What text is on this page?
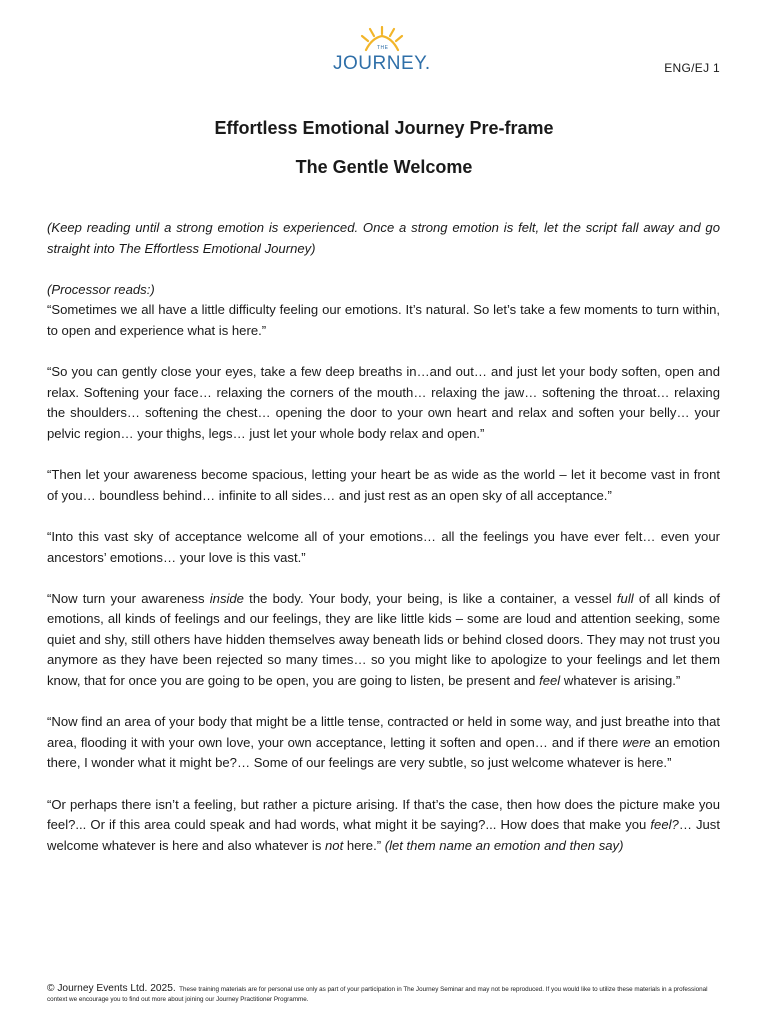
THE
JOURNEY.	ENG/EJ 1
Effortless Emotional Journey Pre-frame
The Gentle Welcome

(Keep reading until a strong emotion is experienced. Once a strong emotion is felt, let the script fall away and go straight into The Effortless Emotional Journey)

(Processor reads:)

“Sometimes we all have a little difficulty feeling our emotions. It’s natural. So let’s take a few moments to turn within, to open and experience what is here.”

“So you can gently close your eyes, take a few deep breaths in…and out… and just let your body soften, open and relax. Softening your face… relaxing the corners of the mouth… relaxing the jaw… softening the throat… relaxing the shoulders… softening the chest… opening the door to your own heart and relax and soften your belly… your pelvic region… your thighs, legs… just let your whole body relax and open.”

“Then let your awareness become spacious, letting your heart be as wide as the world – let it become vast in front of you… boundless behind… infinite to all sides… and just rest as an open sky of all acceptance.”

“Into this vast sky of acceptance welcome all of your emotions… all the feelings you have ever felt… even your ancestors’ emotions… your love is this vast.”

“Now turn your awareness inside the body. Your body, your being, is like a container, a vessel full of all kinds of emotions, all kinds of feelings and our feelings, they are like little kids – some are loud and attention seeking, some quiet and shy, still others have hidden themselves away beneath lids or behind closed doors. They may not trust you anymore as they have been rejected so many times… so you might like to apologize to your feelings and let them know, that for once you are going to be open, you are going to listen, be present and feel whatever is arising.”

“Now find an area of your body that might be a little tense, contracted or held in some way, and just breathe into that area, flooding it with your own love, your own acceptance, letting it soften and open… and if there were an emotion there, I wonder what it might be?… Some of our feelings are very subtle, so just welcome whatever is here.”

“Or perhaps there isn’t a feeling, but rather a picture arising. If that’s the case, then how does the picture make you feel?... Or if this area could speak and had words, what might it be saying?... How does that make you feel?… Just welcome whatever is here and also whatever is not here.” (let them name an emotion and then say)

© Journey Events Ltd. 2025. These training materials are for personal use only as part of your participation in The Journey Seminar and may not be reproduced. If you would like to utilize these materials in a professional context we encourage you to find out more about joining our Journey Practitioner Programme.
